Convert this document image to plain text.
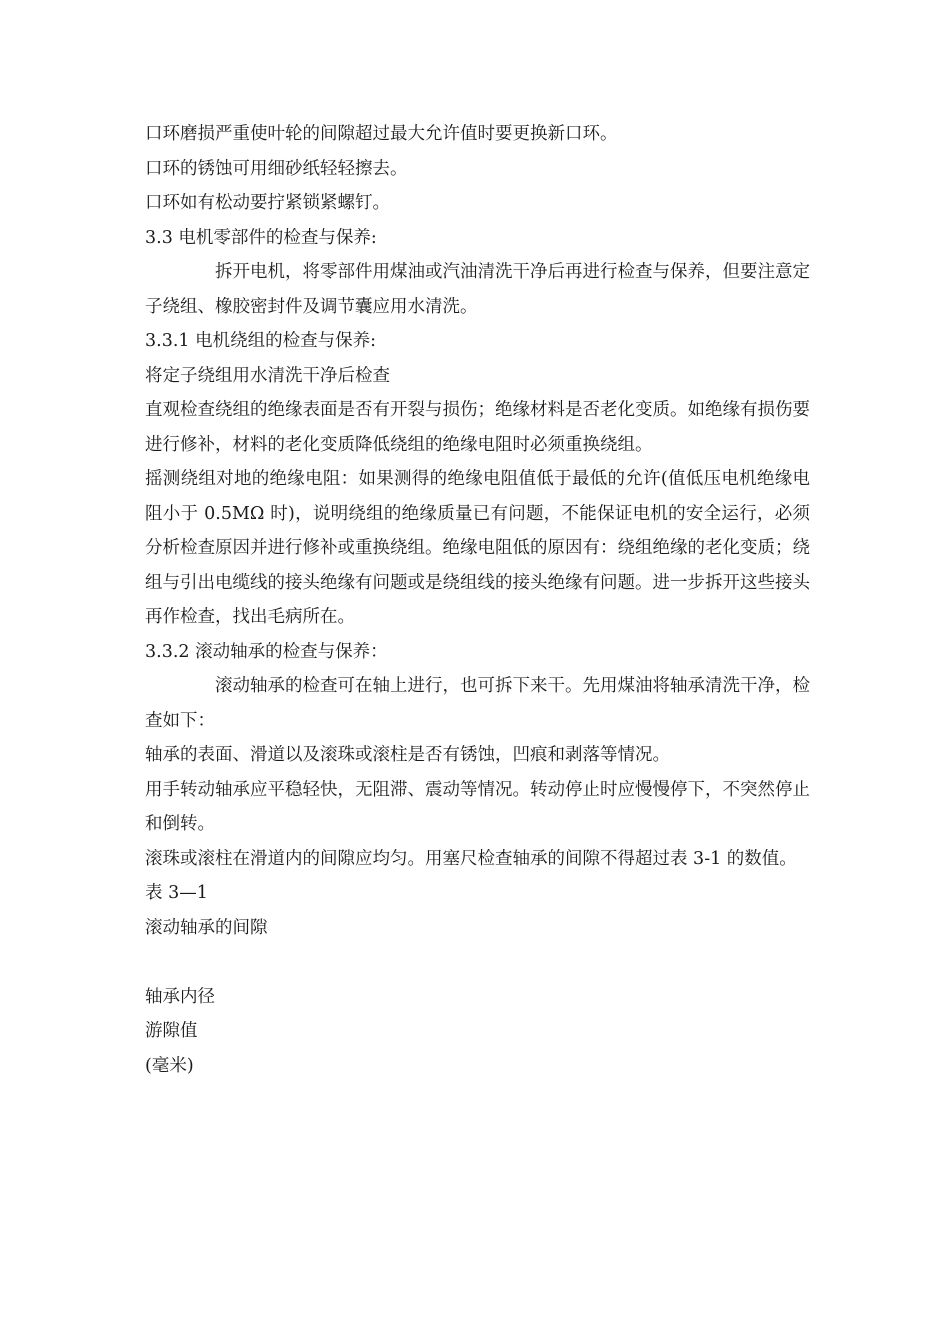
口环磨损严重使叶轮的间隙超过最大允许值时要更换新口环。

口环的锈蚀可用细砂纸轻轻擦去。

口环如有松动要拧紧锁紧螺钉。

3.3 电机零部件的检查与保养:

拆开电机，将零部件用煤油或汽油清洗干净后再进行检查与保养，但要注意定子绕组、橡胶密封件及调节囊应用水清洗。

3.3.1 电机绕组的检查与保养:

将定子绕组用水清洗干净后检查

直观检查绕组的绝缘表面是否有开裂与损伤；绝缘材料是否老化变质。如绝缘有损伤要进行修补，材料的老化变质降低绕组的绝缘电阻时必须重换绕组。

摇测绕组对地的绝缘电阻：如果测得的绝缘电阻值低于最低的允许(值低压电机绝缘电阻小于 0.5MΩ 时)，说明绕组的绝缘质量已有问题，不能保证电机的安全运行，必须分析检查原因并进行修补或重换绕组。绝缘电阻低的原因有：绕组绝缘的老化变质；绕组与引出电缆线的接头绝缘有问题或是绕组线的接头绝缘有问题。进一步拆开这些接头再作检查，找出毛病所在。

3.3.2 滚动轴承的检查与保养：

滚动轴承的检查可在轴上进行，也可拆下来干。先用煤油将轴承清洗干净，检查如下：

轴承的表面、滑道以及滚珠或滚柱是否有锈蚀，凹痕和剥落等情况。

用手转动轴承应平稳轻快，无阻滞、震动等情况。转动停止时应慢慢停下，不突然停止和倒转。

滚珠或滚柱在滑道内的间隙应均匀。用塞尺检查轴承的间隙不得超过表 3-1 的数值。

表 3—1

滚动轴承的间隙

轴承内径

游隙值

(毫米)
